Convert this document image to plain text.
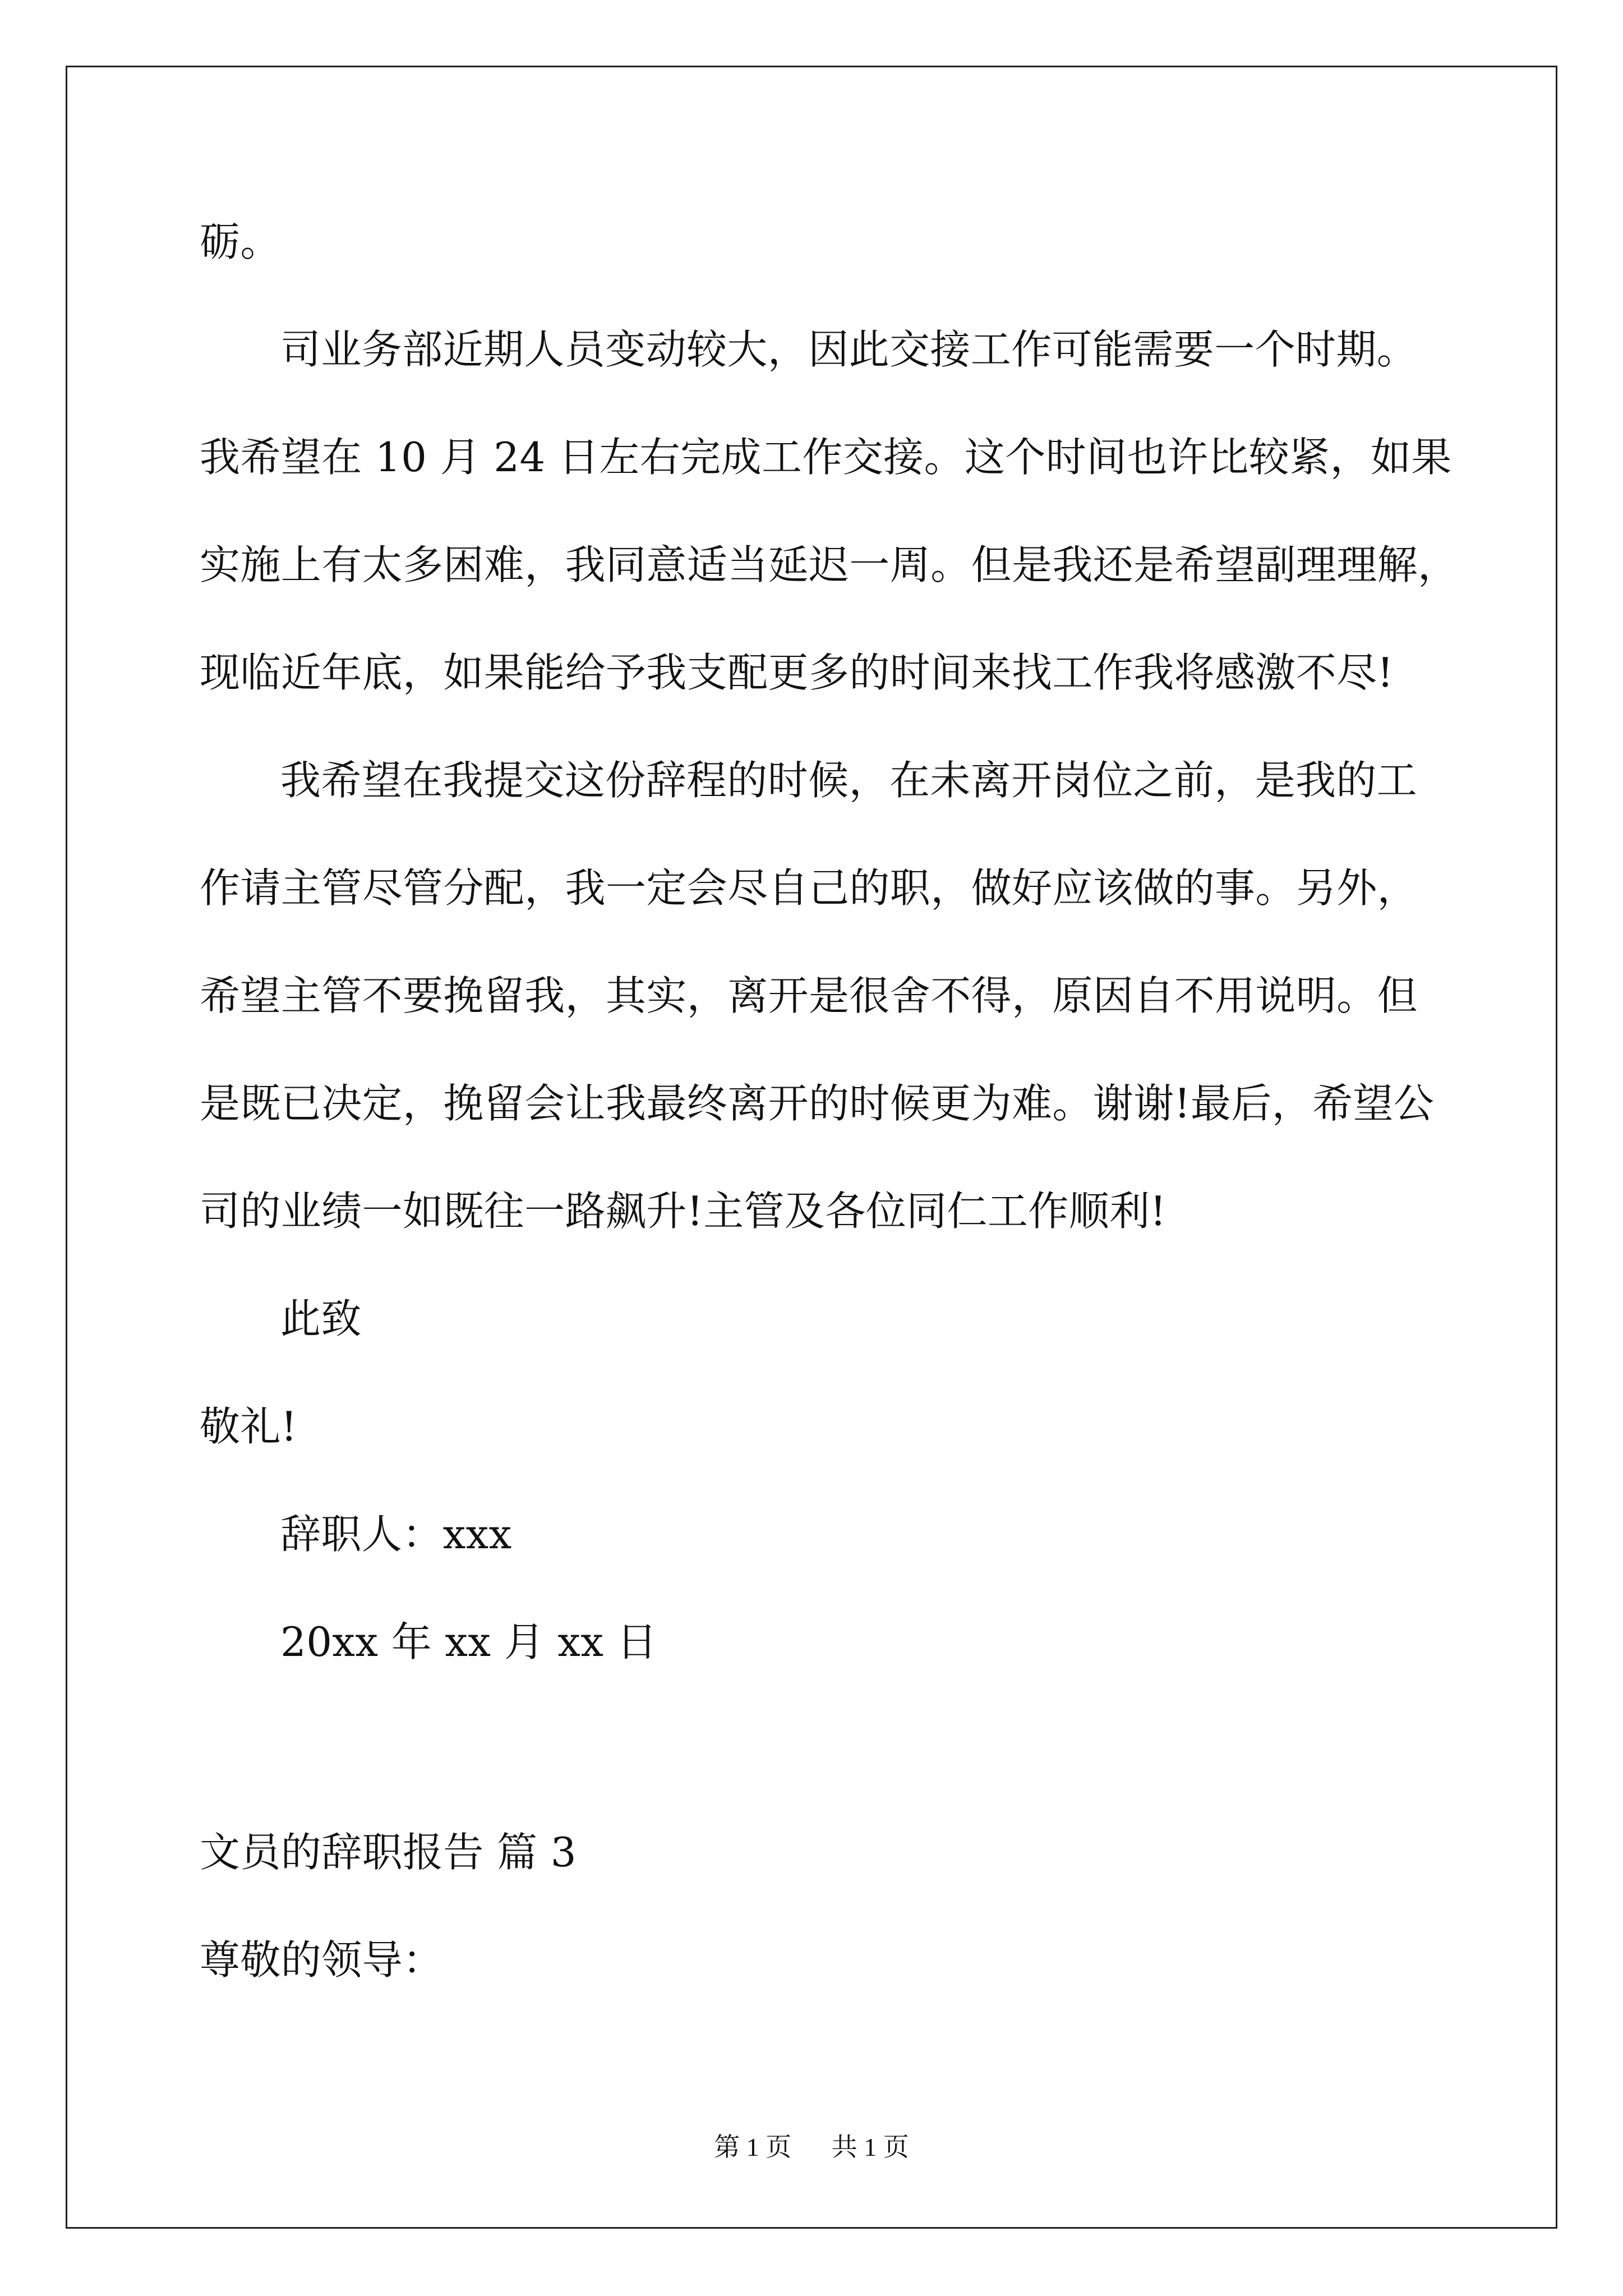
砺。
司业务部近期人员变动较大，因此交接工作可能需要一个时期。
我希望在 10 月 24 日左右完成工作交接。这个时间也许比较紧，如果
实施上有太多困难，我同意适当延迟一周。但是我还是希望副理理解，
现临近年底，如果能给予我支配更多的时间来找工作我将感激不尽!
我希望在我提交这份辞程的时候，在未离开岗位之前，是我的工
作请主管尽管分配，我一定会尽自己的职，做好应该做的事。另外，
希望主管不要挽留我，其实，离开是很舍不得，原因自不用说明。但
是既已决定，挽留会让我最终离开的时候更为难。谢谢!最后，希望公
司的业绩一如既往一路飙升!主管及各位同仁工作顺利!
此致
敬礼!
辞职人：xxx
20xx 年 xx 月 xx 日
文员的辞职报告 篇 3
尊敬的领导：
第 1 页 共 1 页
